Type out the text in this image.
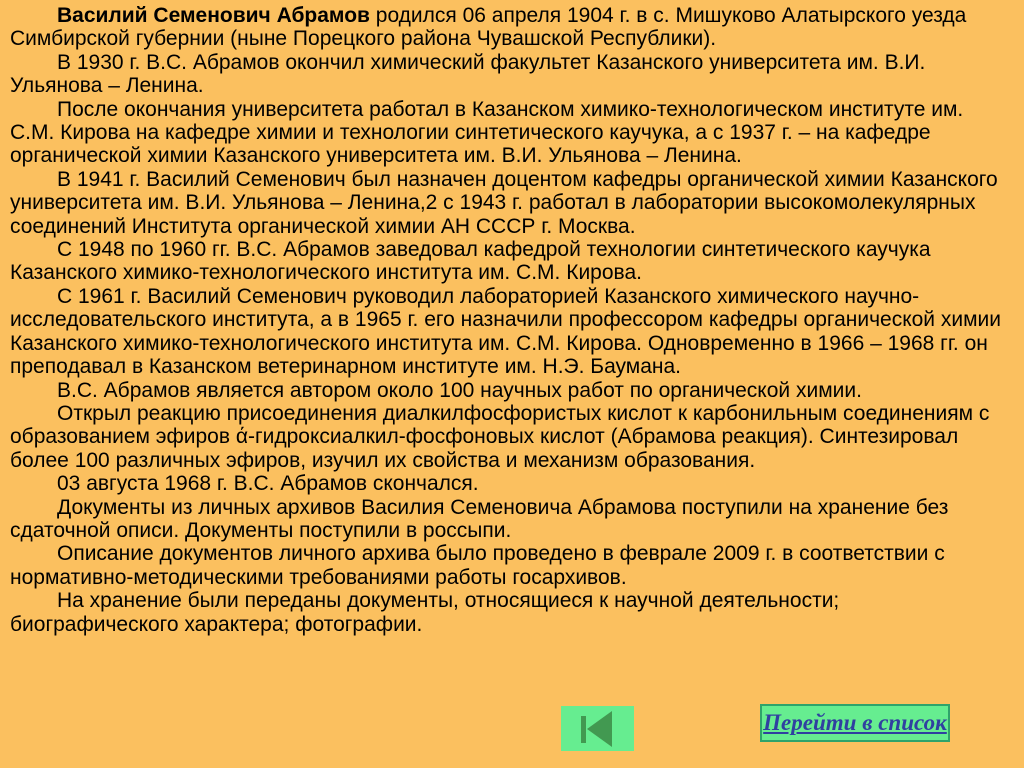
Василий Семенович Абрамов родился 06 апреля 1904 г. в с. Мишуково Алатырского уезда Симбирской губернии (ныне Порецкого района Чувашской Республики).

В 1930 г. В.С. Абрамов окончил химический факультет Казанского университета им. В.И. Ульянова – Ленина.

После окончания университета работал в Казанском химико-технологическом институте им. С.М. Кирова на кафедре химии и технологии синтетического каучука, а с 1937 г. – на кафедре органической химии Казанского университета им. В.И. Ульянова – Ленина.

В 1941 г. Василий Семенович был назначен доцентом кафедры органической химии Казанского университета им. В.И. Ульянова – Ленина,2 с 1943 г. работал в лаборатории высокомолекулярных соединений Института органической химии АН СССР г. Москва.

С 1948 по 1960 гг. В.С. Абрамов заведовал кафедрой технологии синтетического каучука Казанского химико-технологического института им. С.М. Кирова.

С 1961 г. Василий Семенович руководил лабораторией Казанского химического научно-исследовательского института, а в 1965 г. его назначили профессором кафедры органической химии Казанского химико-технологического института им. С.М. Кирова. Одновременно в 1966 – 1968 гг. он преподавал в Казанском ветеринарном институте им. Н.Э. Баумана.

В.С. Абрамов является автором около 100 научных работ по органической химии.

Открыл реакцию присоединения диалкилфосфористых кислот к карбонильным соединениям с образованием эфиров ά-гидроксиалкил-фосфоновых кислот (Абрамова реакция). Синтезировал более 100 различных эфиров, изучил их свойства и механизм образования.

03 августа 1968 г. В.С. Абрамов скончался.

Документы из личных архивов Василия Семеновича Абрамова поступили на хранение без сдаточной описи. Документы поступили в россыпи.

Описание документов личного архива было проведено в феврале 2009 г. в соответствии с нормативно-методическими требованиями работы госархивов.

На хранение были переданы документы, относящиеся к научной деятельности; биографического характера; фотографии.

Перейти в список
